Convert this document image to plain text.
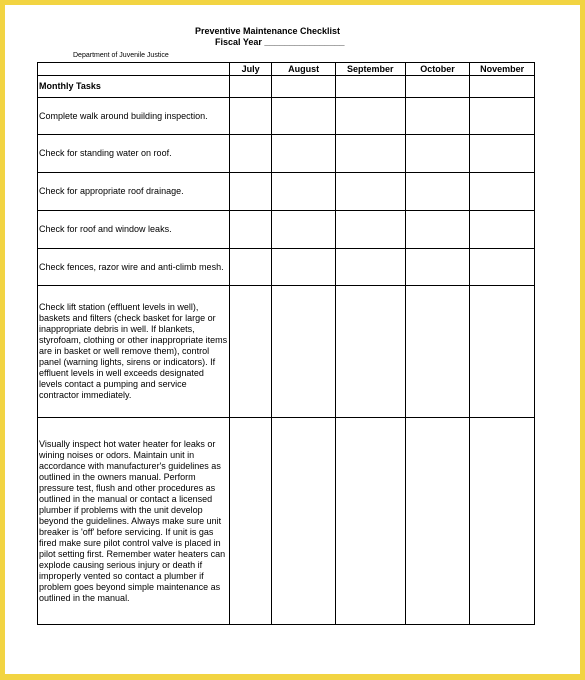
Preventive Maintenance Checklist
Fiscal Year ________________
Department of Juvenile Justice
	July	August	September	October	November
Monthly Tasks					
Complete walk around building inspection.					
Check for standing water on roof.					
Check for appropriate roof drainage.					
Check for roof and window leaks.					
Check fences, razor wire and anti-climb mesh.					
Check lift station (effluent levels in well), baskets and filters (check basket for large or inappropriate debris in well. If blankets, styrofoam, clothing or other inappropriate items are in basket or well remove them), control panel (warning lights, sirens or indicators). If effluent levels in well exceeds designated levels contact a pumping and service contractor immediately.					
Visually inspect hot water heater for leaks or wining noises or odors. Maintain unit in accordance with manufacturer's guidelines as outlined in the owners manual. Perform pressure test, flush and other procedures as outlined in the manual or contact a licensed plumber if problems with the unit develop beyond the guidelines. Always make sure unit breaker is 'off' before servicing. If unit is gas fired make sure pilot control valve is placed in pilot setting first. Remember water heaters can explode causing serious injury or death if improperly vented so contact a plumber if problem goes beyond simple maintenance as outlined in the manual.					
